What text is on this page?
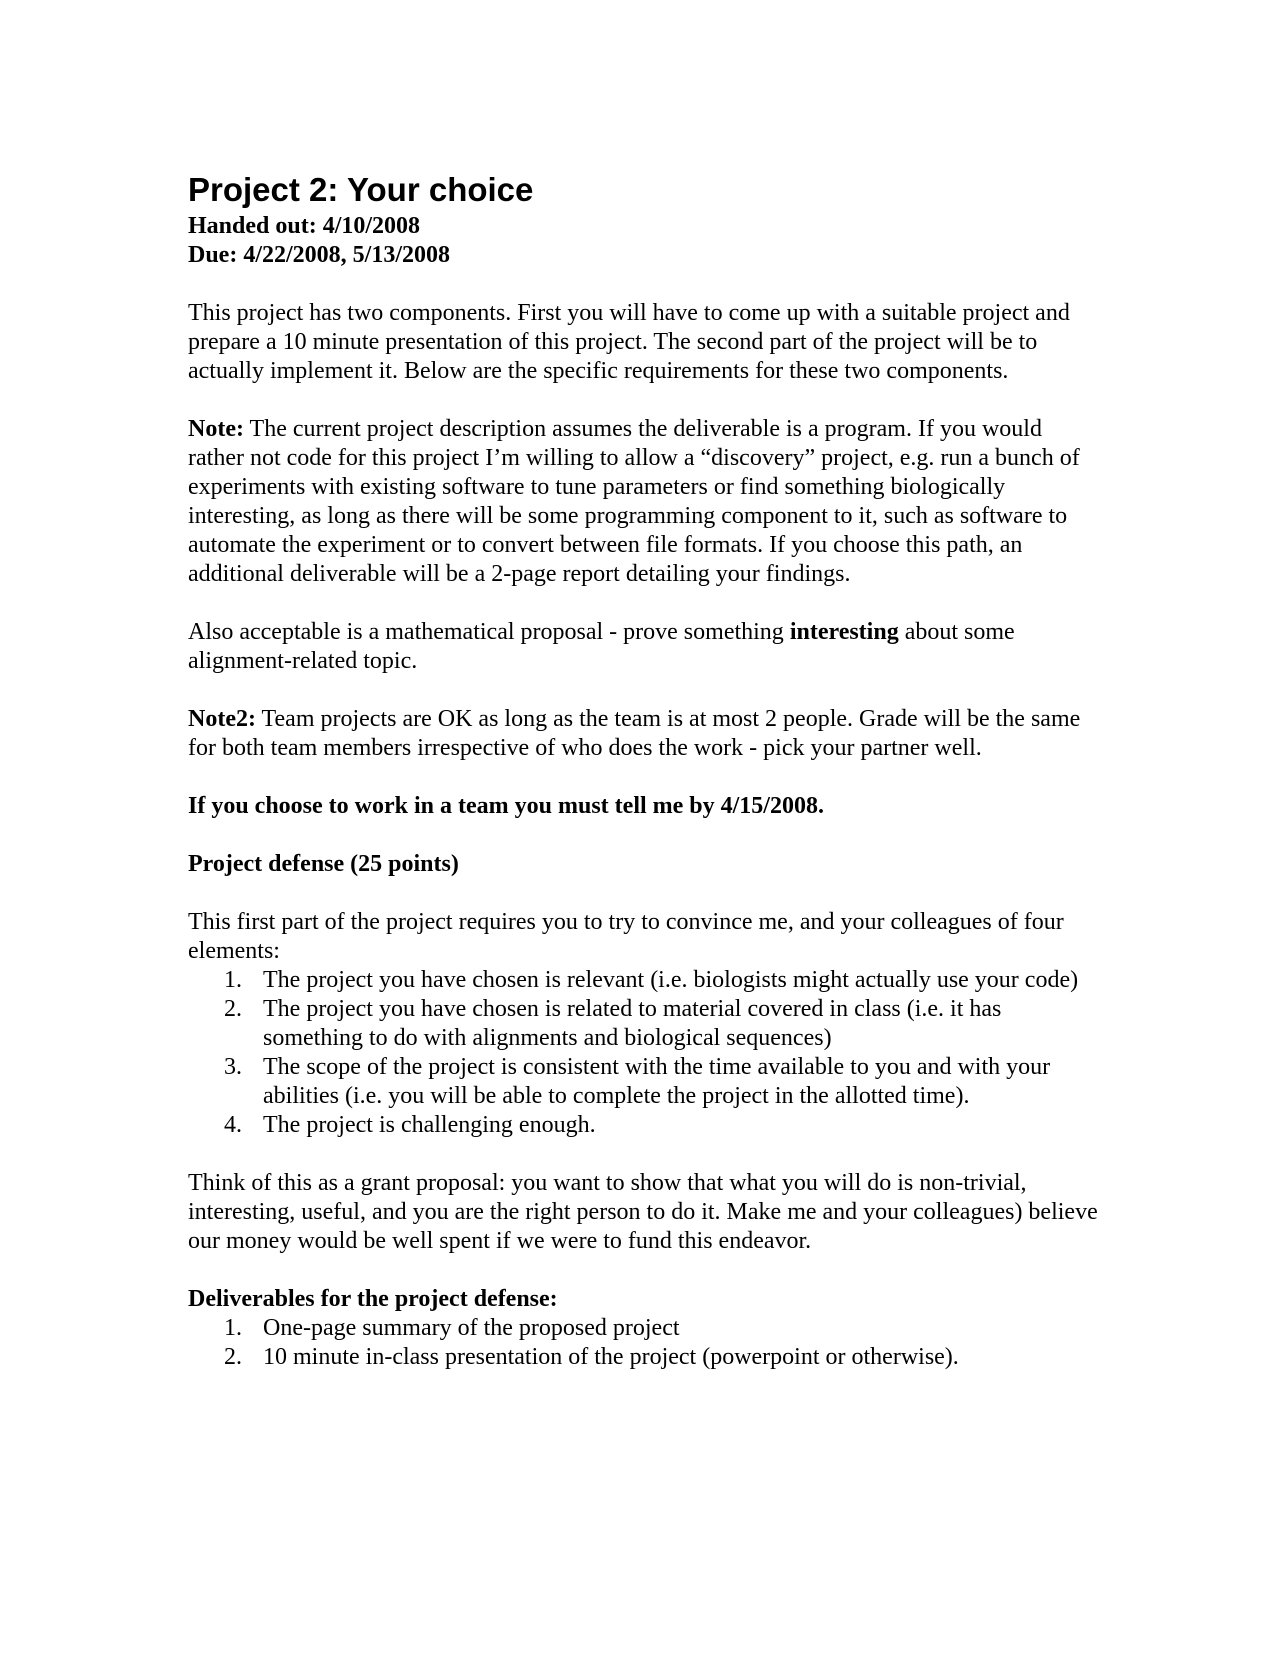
Project 2: Your choice

Handed out: 4/10/2008

Due: 4/22/2008, 5/13/2008

This project has two components. First you will have to come up with a suitable project and prepare a 10 minute presentation of this project. The second part of the project will be to actually implement it. Below are the specific requirements for these two components.

Note: The current project description assumes the deliverable is a program. If you would rather not code for this project I’m willing to allow a “discovery” project, e.g. run a bunch of experiments with existing software to tune parameters or find something biologically interesting, as long as there will be some programming component to it, such as software to automate the experiment or to convert between file formats. If you choose this path, an additional deliverable will be a 2-page report detailing your findings.

Also acceptable is a mathematical proposal - prove something interesting about some alignment-related topic.

Note2: Team projects are OK as long as the team is at most 2 people. Grade will be the same for both team members irrespective of who does the work - pick your partner well.

If you choose to work in a team you must tell me by 4/15/2008.

Project defense (25 points)

This first part of the project requires you to try to convince me, and your colleagues of four elements:

1. The project you have chosen is relevant (i.e. biologists might actually use your code)
2. The project you have chosen is related to material covered in class (i.e. it has something to do with alignments and biological sequences)
3. The scope of the project is consistent with the time available to you and with your abilities (i.e. you will be able to complete the project in the allotted time).
4. The project is challenging enough.

Think of this as a grant proposal: you want to show that what you will do is non-trivial, interesting, useful, and you are the right person to do it. Make me and your colleagues) believe our money would be well spent if we were to fund this endeavor.

Deliverables for the project defense:

1. One-page summary of the proposed project
2. 10 minute in-class presentation of the project (powerpoint or otherwise).
